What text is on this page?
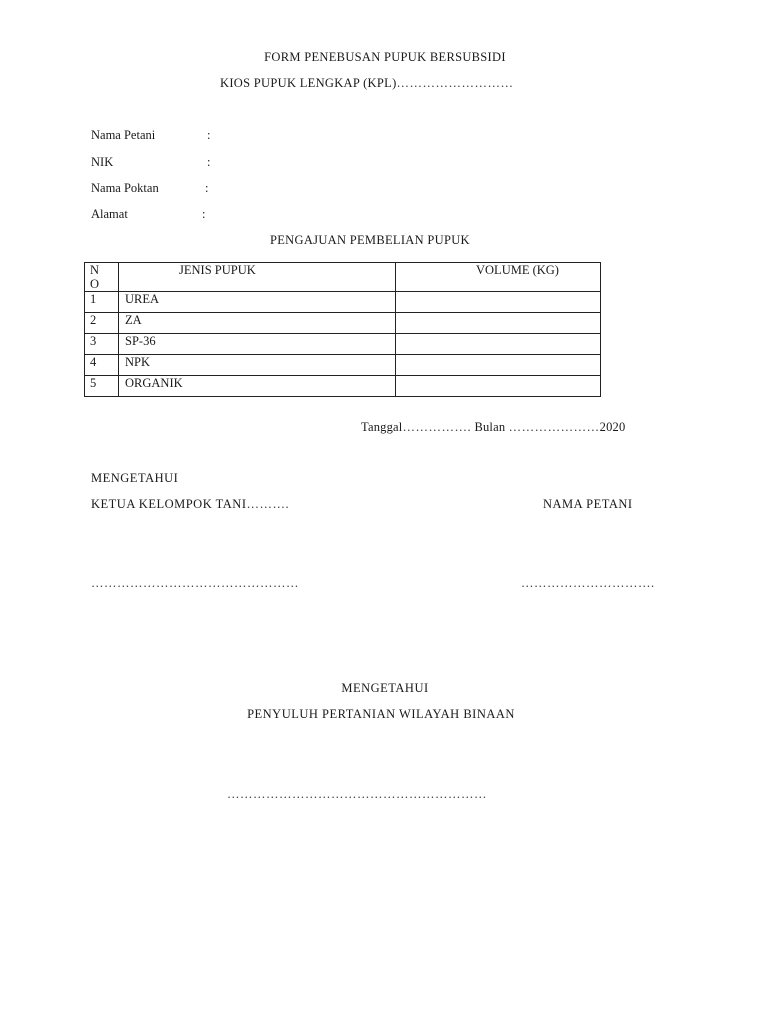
FORM PENEBUSAN PUPUK BERSUBSIDI
KIOS PUPUK LENGKAP (KPL)………………………
Nama Petani	:
NIK	:
Nama Poktan	:
Alamat	:
PENGAJUAN PEMBELIAN PUPUK
NO	JENIS PUPUK	VOLUME (KG)
1	UREA	
2	ZA	
3	SP-36	
4	NPK	
5	ORGANIK	
Tanggal……………. Bulan …………………2020
MENGETAHUI
KETUA KELOMPOK TANI……….	NAMA PETANI
…………………………………………	………………………….
MENGETAHUI
PENYULUH PERTANIAN WILAYAH BINAAN
……………………………………………………
